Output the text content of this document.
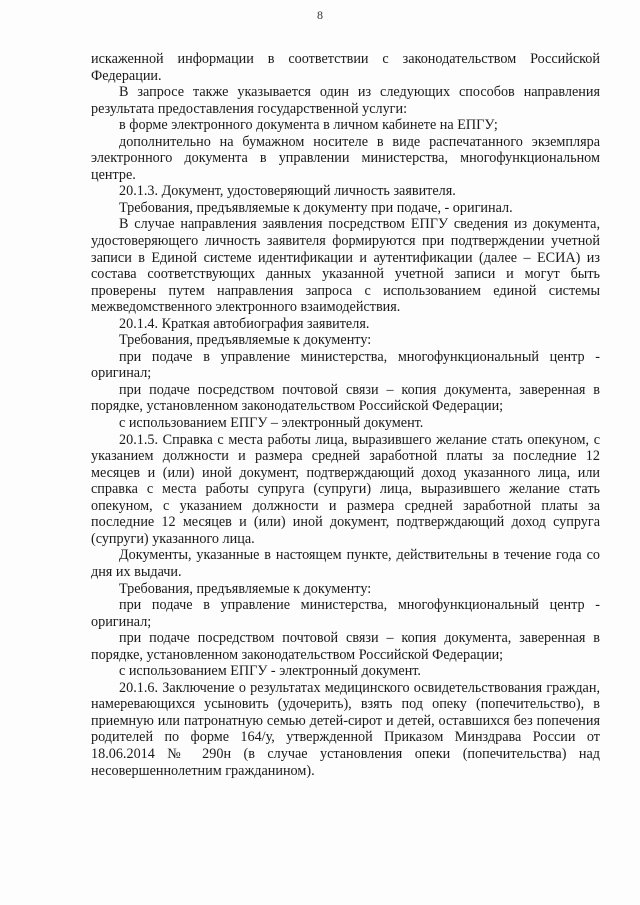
8

искаженной информации в соответствии с законодательством Российской Федерации.

В запросе также указывается один из следующих способов направления результата предоставления государственной услуги:

в форме электронного документа в личном кабинете на ЕПГУ;

дополнительно на бумажном носителе в виде распечатанного экземпляра электронного документа в управлении министерства, многофункциональном центре.

20.1.3. Документ, удостоверяющий личность заявителя.

Требования, предъявляемые к документу при подаче, - оригинал.

В случае направления заявления посредством ЕПГУ сведения из документа, удостоверяющего личность заявителя формируются при подтверждении учетной записи в Единой системе идентификации и аутентификации (далее – ЕСИА) из состава соответствующих данных указанной учетной записи и могут быть проверены путем направления запроса с использованием единой системы межведомственного электронного взаимодействия.

20.1.4. Краткая автобиография заявителя.

Требования, предъявляемые к документу:

при подаче в управление министерства, многофункциональный центр - оригинал;

при подаче посредством почтовой связи – копия документа, заверенная в порядке, установленном законодательством Российской Федерации;

с использованием ЕПГУ – электронный документ.

20.1.5. Справка с места работы лица, выразившего желание стать опекуном, с указанием должности и размера средней заработной платы за последние 12 месяцев и (или) иной документ, подтверждающий доход указанного лица, или справка с места работы супруга (супруги) лица, выразившего желание стать опекуном, с указанием должности и размера средней заработной платы за последние 12 месяцев и (или) иной документ, подтверждающий доход супруга (супруги) указанного лица.

Документы, указанные в настоящем пункте, действительны в течение года со дня их выдачи.

Требования, предъявляемые к документу:

при подаче в управление министерства, многофункциональный центр - оригинал;

при подаче посредством почтовой связи – копия документа, заверенная в порядке, установленном законодательством Российской Федерации;

с использованием ЕПГУ - электронный документ.

20.1.6. Заключение о результатах медицинского освидетельствования граждан, намеревающихся усыновить (удочерить), взять под опеку (попечительство), в приемную или патронатную семью детей-сирот и детей, оставшихся без попечения родителей по форме 164/у, утвержденной Приказом Минздрава России от 18.06.2014 № 290н (в случае установления опеки (попечительства) над несовершеннолетним гражданином).
